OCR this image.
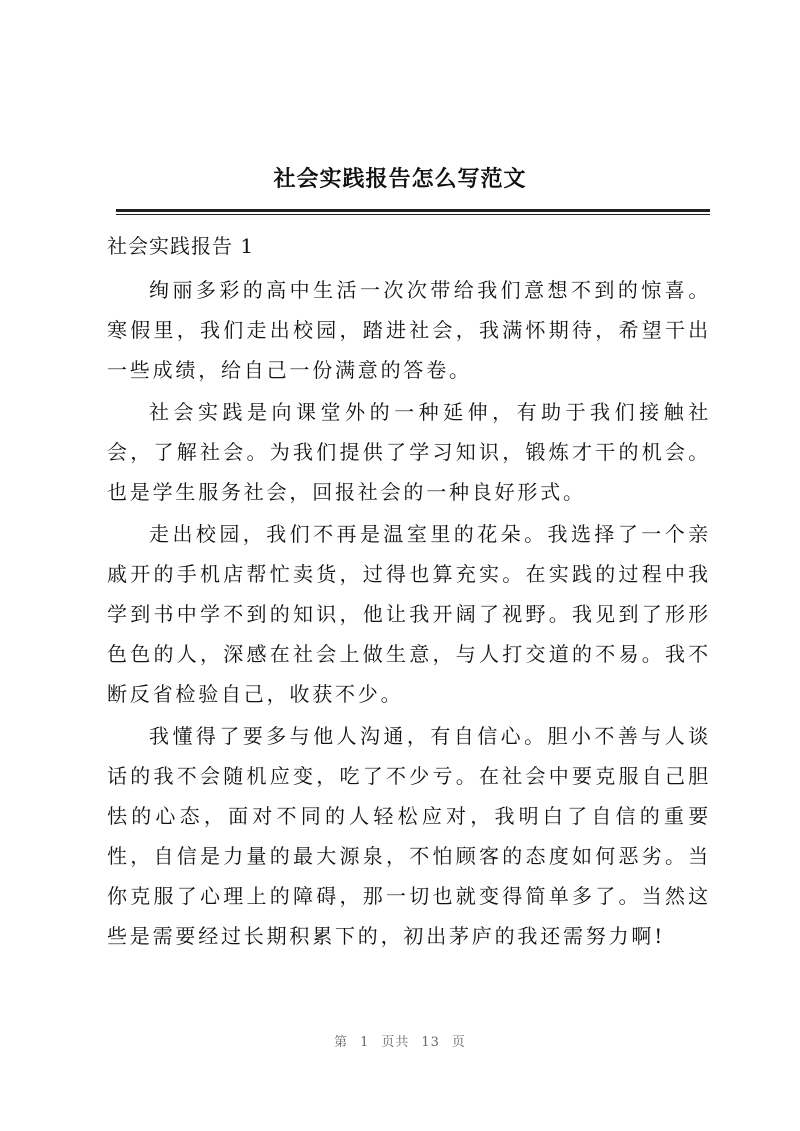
社会实践报告怎么写范文

社会实践报告 1

绚丽多彩的高中生活一次次带给我们意想不到的惊喜。寒假里，我们走出校园，踏进社会，我满怀期待，希望干出一些成绩，给自己一份满意的答卷。

社会实践是向课堂外的一种延伸，有助于我们接触社会，了解社会。为我们提供了学习知识，锻炼才干的机会。也是学生服务社会，回报社会的一种良好形式。

走出校园，我们不再是温室里的花朵。我选择了一个亲戚开的手机店帮忙卖货，过得也算充实。在实践的过程中我学到书中学不到的知识，他让我开阔了视野。我见到了形形色色的人，深感在社会上做生意，与人打交道的不易。我不断反省检验自己，收获不少。

我懂得了要多与他人沟通，有自信心。胆小不善与人谈话的我不会随机应变，吃了不少亏。在社会中要克服自己胆怯的心态，面对不同的人轻松应对，我明白了自信的重要性，自信是力量的最大源泉，不怕顾客的态度如何恶劣。当你克服了心理上的障碍，那一切也就变得简单多了。当然这些是需要经过长期积累下的，初出茅庐的我还需努力啊!

第 1 页共 13 页
